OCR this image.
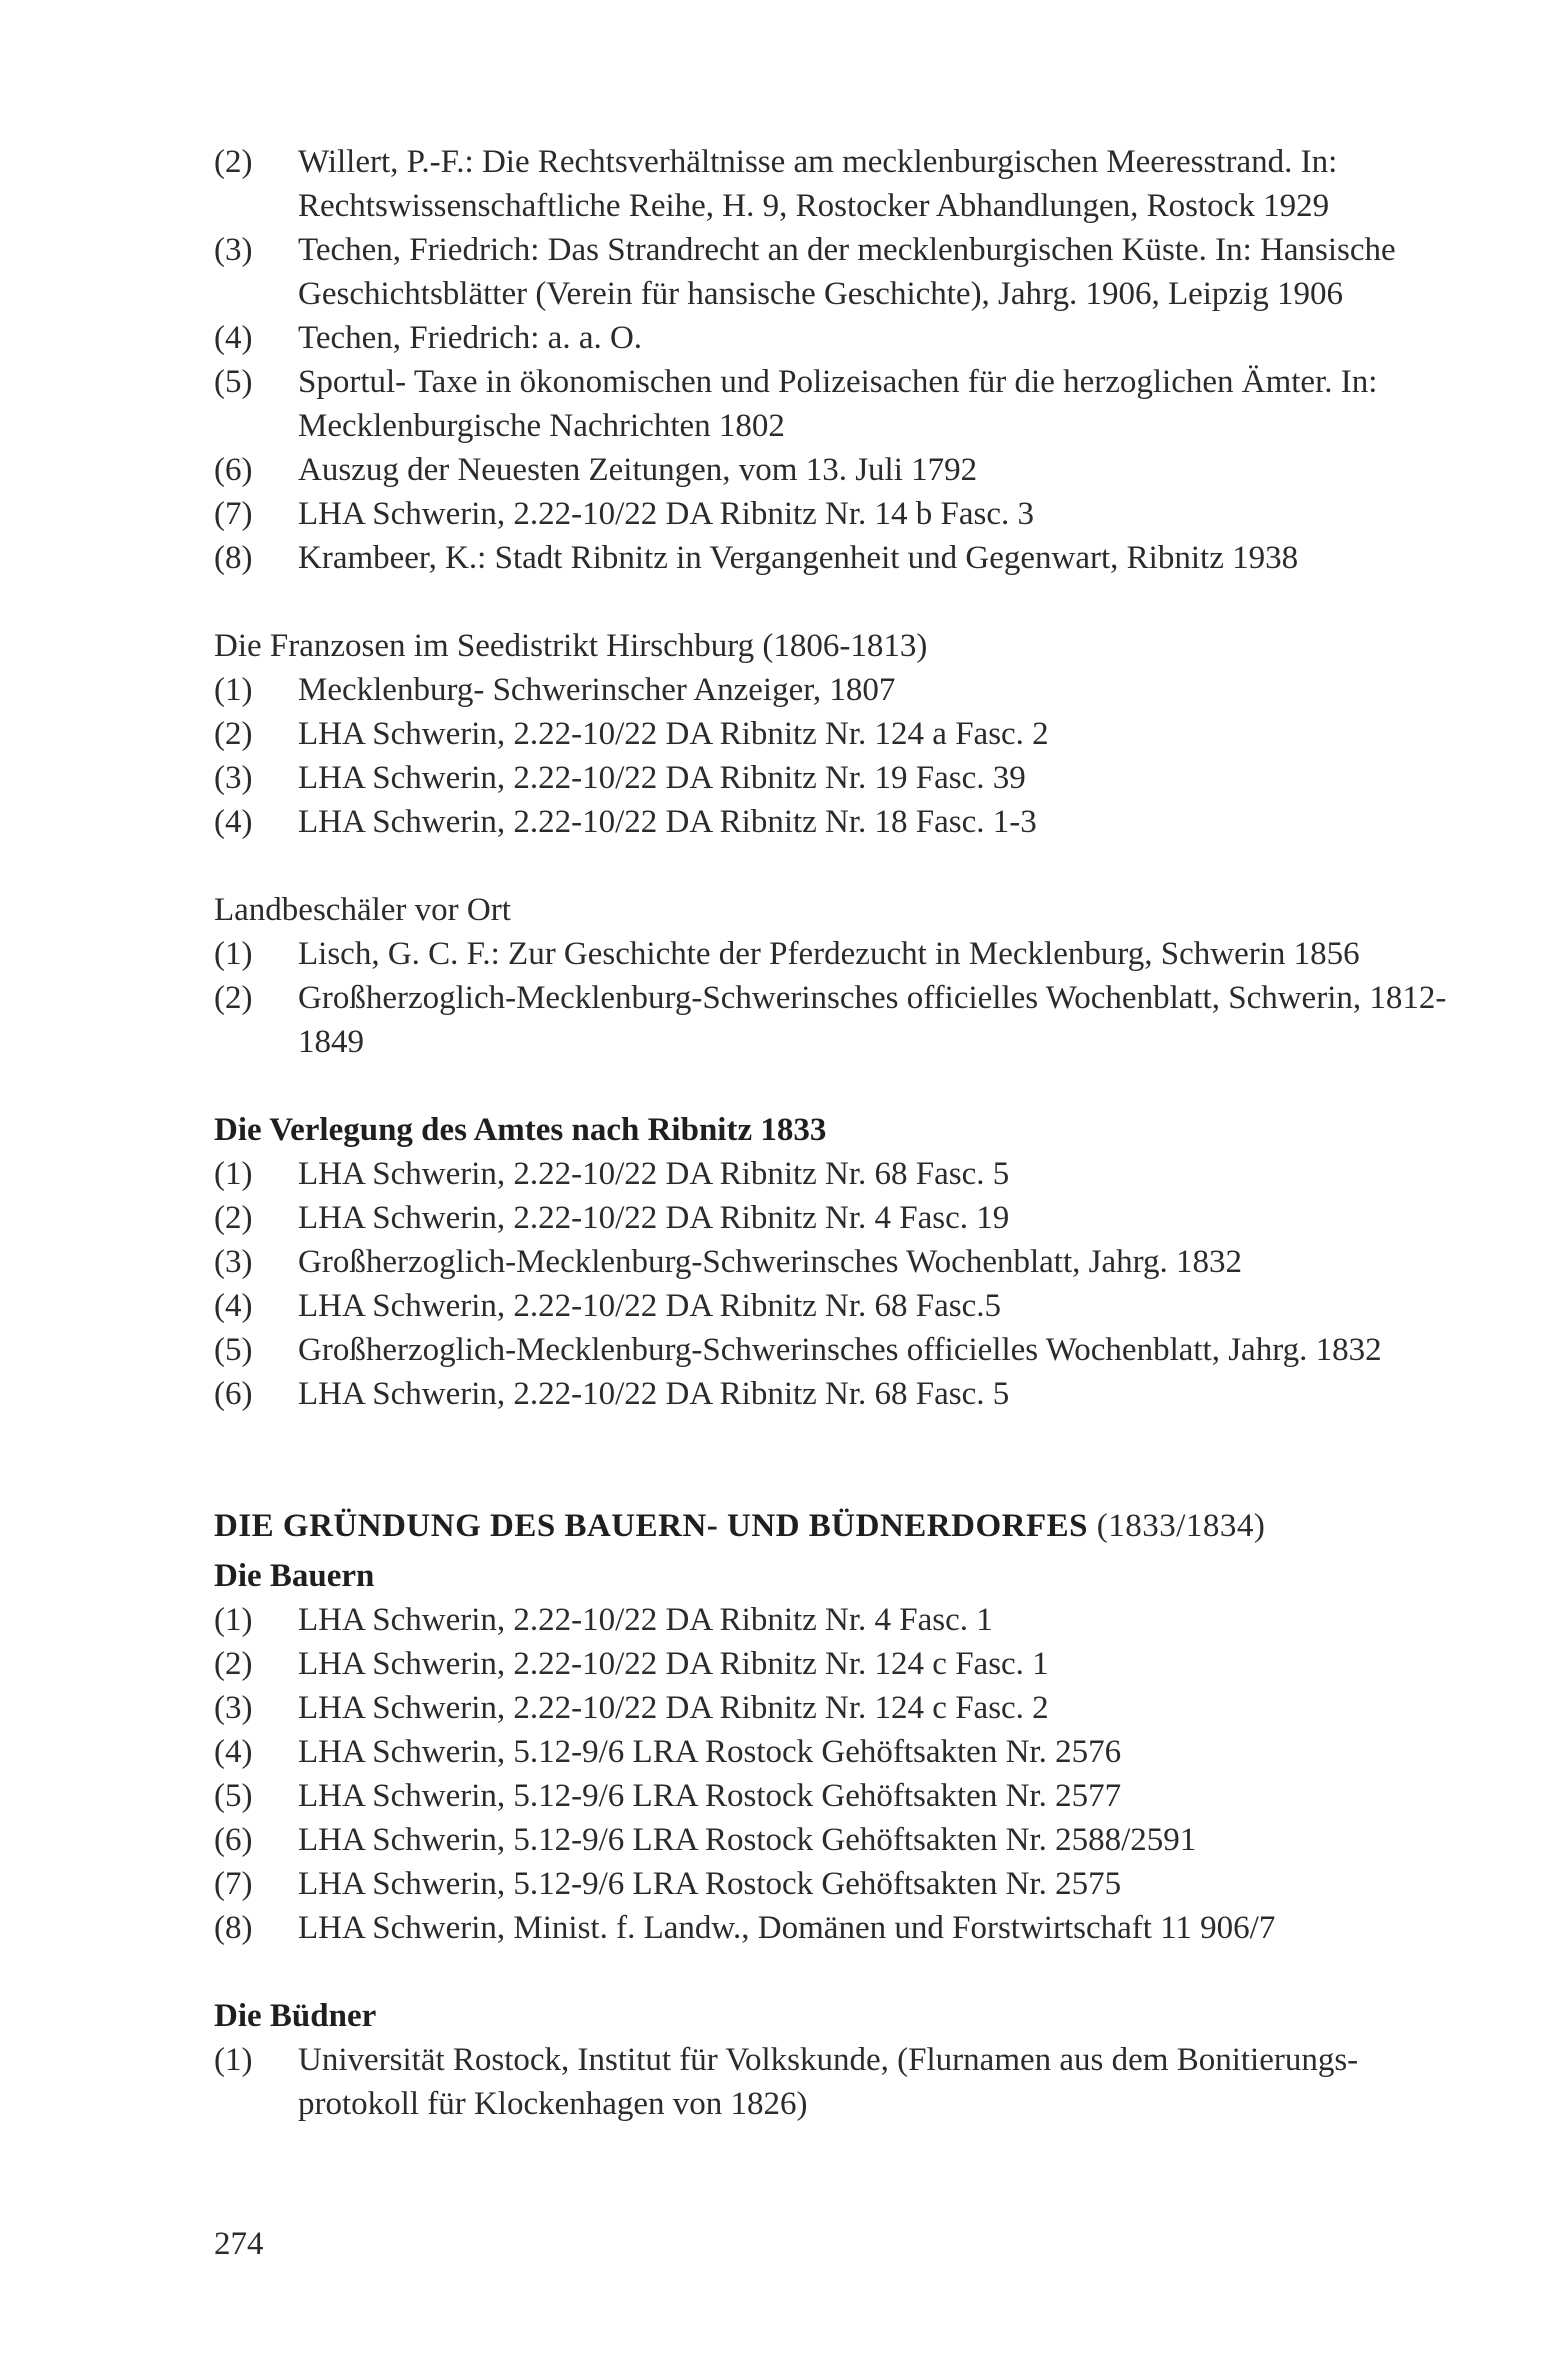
(2) Willert, P.-F.: Die Rechtsverhältnisse am mecklenburgischen Meeresstrand. In: Rechtswissenschaftliche Reihe, H. 9, Rostocker Abhandlungen, Rostock 1929
(3) Techen, Friedrich: Das Strandrecht an der mecklenburgischen Küste. In: Hansische Geschichtsblätter (Verein für hansische Geschichte), Jahrg. 1906, Leipzig 1906
(4) Techen, Friedrich: a. a. O.
(5) Sportul- Taxe in ökonomischen und Polizeisachen für die herzoglichen Ämter. In: Mecklenburgische Nachrichten 1802
(6) Auszug der Neuesten Zeitungen, vom 13. Juli 1792
(7) LHA Schwerin, 2.22-10/22 DA Ribnitz Nr. 14 b Fasc. 3
(8) Krambeer, K.: Stadt Ribnitz in Vergangenheit und Gegenwart, Ribnitz 1938

Die Franzosen im Seedistrikt Hirschburg (1806-1813)

(1) Mecklenburg- Schwerinscher Anzeiger, 1807
(2) LHA Schwerin, 2.22-10/22 DA Ribnitz Nr. 124 a Fasc. 2
(3) LHA Schwerin, 2.22-10/22 DA Ribnitz Nr. 19 Fasc. 39
(4) LHA Schwerin, 2.22-10/22 DA Ribnitz Nr. 18 Fasc. 1-3

Landbeschäler vor Ort

(1) Lisch, G. C. F.: Zur Geschichte der Pferdezucht in Mecklenburg, Schwerin 1856
(2) Großherzoglich-Mecklenburg-Schwerinsches officielles Wochenblatt, Schwerin, 1812-1849

Die Verlegung des Amtes nach Ribnitz 1833

(1) LHA Schwerin, 2.22-10/22 DA Ribnitz Nr. 68 Fasc. 5
(2) LHA Schwerin, 2.22-10/22 DA Ribnitz Nr. 4 Fasc. 19
(3) Großherzoglich-Mecklenburg-Schwerinsches Wochenblatt, Jahrg. 1832
(4) LHA Schwerin, 2.22-10/22 DA Ribnitz Nr. 68 Fasc.5
(5) Großherzoglich-Mecklenburg-Schwerinsches officielles Wochenblatt, Jahrg. 1832
(6) LHA Schwerin, 2.22-10/22 DA Ribnitz Nr. 68 Fasc. 5

DIE GRÜNDUNG DES BAUERN- UND BÜDNERDORFES (1833/1834)

Die Bauern

(1) LHA Schwerin, 2.22-10/22 DA Ribnitz Nr. 4 Fasc. 1
(2) LHA Schwerin, 2.22-10/22 DA Ribnitz Nr. 124 c Fasc. 1
(3) LHA Schwerin, 2.22-10/22 DA Ribnitz Nr. 124 c Fasc. 2
(4) LHA Schwerin, 5.12-9/6 LRA Rostock Gehöftsakten Nr. 2576
(5) LHA Schwerin, 5.12-9/6 LRA Rostock Gehöftsakten Nr. 2577
(6) LHA Schwerin, 5.12-9/6 LRA Rostock Gehöftsakten Nr. 2588/2591
(7) LHA Schwerin, 5.12-9/6 LRA Rostock Gehöftsakten Nr. 2575
(8) LHA Schwerin, Minist. f. Landw., Domänen und Forstwirtschaft 11 906/7

Die Büdner

(1) Universität Rostock, Institut für Volkskunde, (Flurnamen aus dem Bonitierungs-protokoll für Klockenhagen von 1826)
274
